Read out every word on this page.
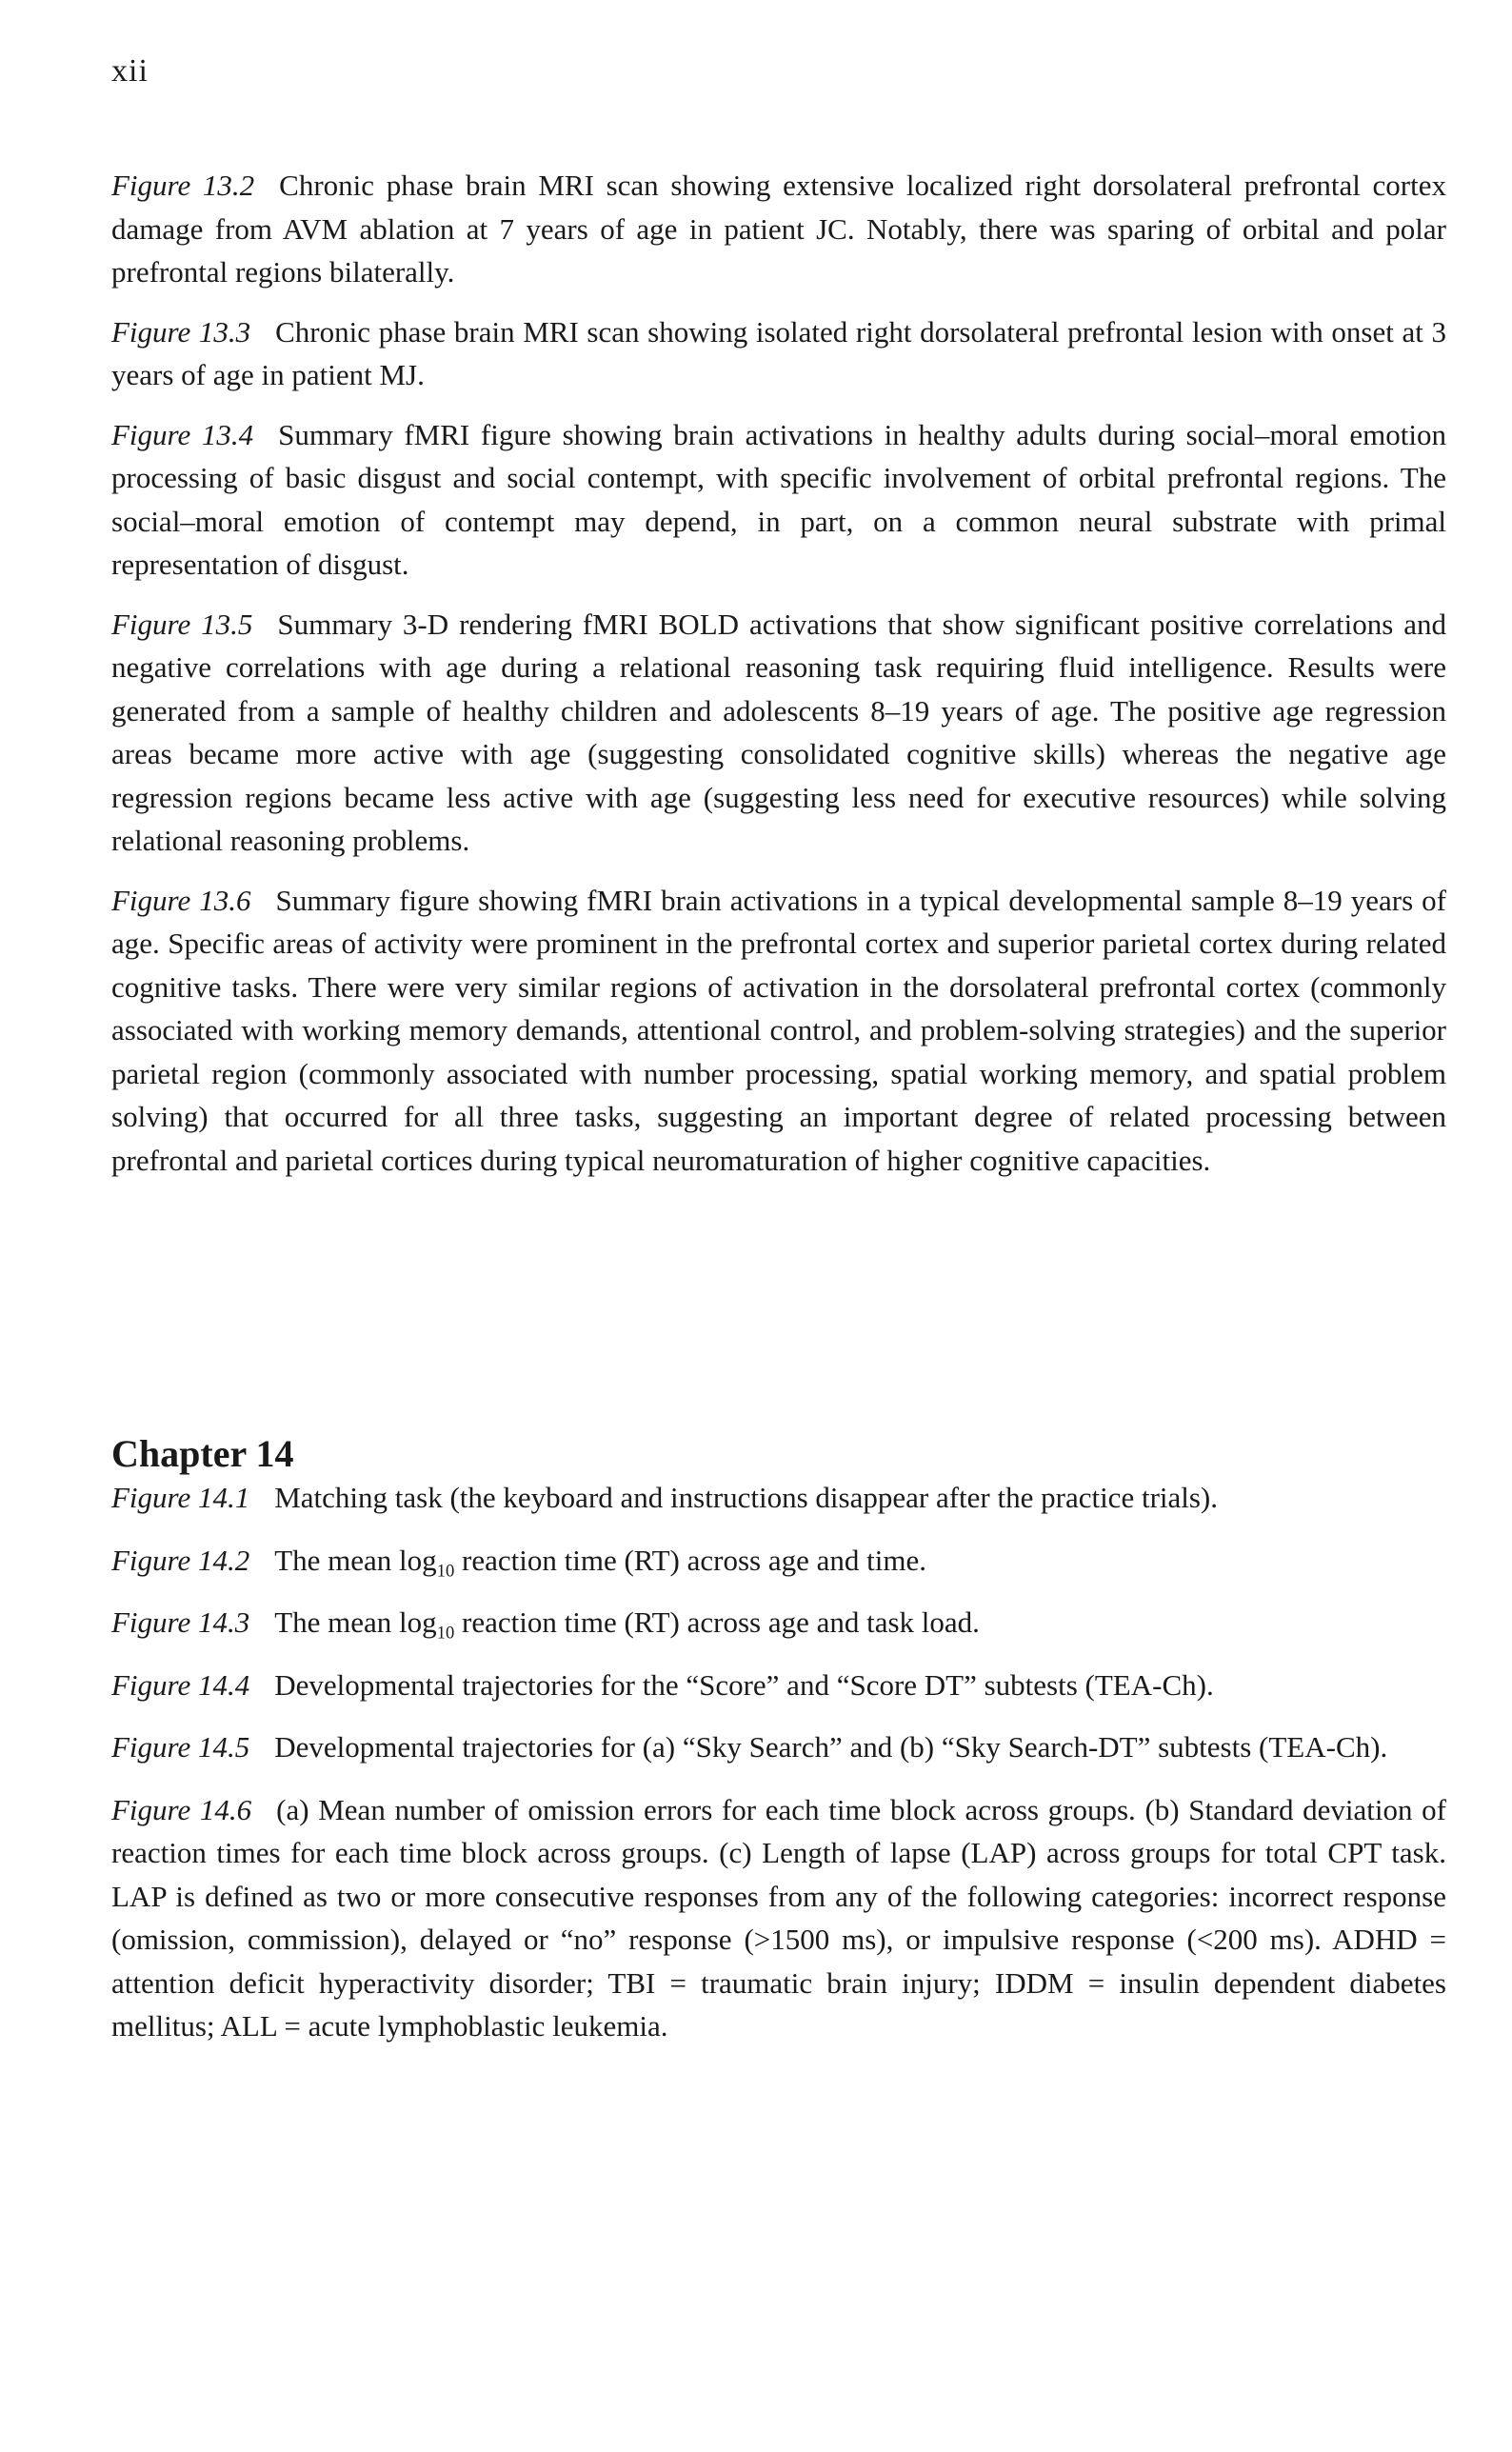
xii

Figure 13.2 Chronic phase brain MRI scan showing extensive localized right dorsolateral prefrontal cortex damage from AVM ablation at 7 years of age in patient JC. Notably, there was sparing of orbital and polar prefrontal regions bilaterally.

Figure 13.3 Chronic phase brain MRI scan showing isolated right dorsolateral prefrontal lesion with onset at 3 years of age in patient MJ.

Figure 13.4 Summary fMRI figure showing brain activations in healthy adults during social–moral emotion processing of basic disgust and social contempt, with specific involvement of orbital prefrontal regions. The social–moral emotion of contempt may depend, in part, on a common neural substrate with primal representation of disgust.

Figure 13.5 Summary 3-D rendering fMRI BOLD activations that show significant positive correlations and negative correlations with age during a relational reasoning task requiring fluid intelligence. Results were generated from a sample of healthy children and adolescents 8–19 years of age. The positive age regression areas became more active with age (suggesting consolidated cognitive skills) whereas the negative age regression regions became less active with age (suggesting less need for executive resources) while solving relational reasoning problems.

Figure 13.6 Summary figure showing fMRI brain activations in a typical developmental sample 8–19 years of age. Specific areas of activity were prominent in the prefrontal cortex and superior parietal cortex during related cognitive tasks. There were very similar regions of activation in the dorsolateral prefrontal cortex (commonly associated with working memory demands, attentional control, and problem-solving strategies) and the superior parietal region (commonly associated with number processing, spatial working memory, and spatial problem solving) that occurred for all three tasks, suggesting an important degree of related processing between prefrontal and parietal cortices during typical neuromaturation of higher cognitive capacities.

Chapter 14

Figure 14.1 Matching task (the keyboard and instructions disappear after the practice trials).

Figure 14.2 The mean $\log_{10}$ reaction time (RT) across age and time.

Figure 14.3 The mean $\log_{10}$ reaction time (RT) across age and task load.

Figure 14.4 Developmental trajectories for the “Score” and “Score DT” subtests (TEA-Ch).

Figure 14.5 Developmental trajectories for (a) “Sky Search” and (b) “Sky Search-DT” subtests (TEA-Ch).

Figure 14.6 (a) Mean number of omission errors for each time block across groups. (b) Standard deviation of reaction times for each time block across groups. (c) Length of lapse (LAP) across groups for total CPT task. LAP is defined as two or more consecutive responses from any of the following categories: incorrect response (omission, commission), delayed or “no” response (>1500 ms), or impulsive response (<200 ms). ADHD = attention deficit hyperactivity disorder; TBI = traumatic brain injury; IDDM = insulin dependent diabetes mellitus; ALL = acute lymphoblastic leukemia.
